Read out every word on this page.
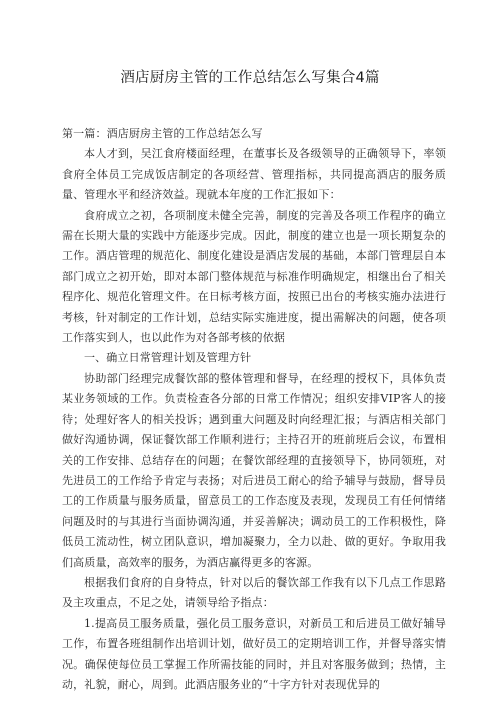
酒店厨房主管的工作总结怎么写集合4篇

第一篇：酒店厨房主管的工作总结怎么写

本人才到，吴江食府楼面经理，在董事长及各级领导的正确领导下，率领食府全体员工完成饭店制定的各项经营、管理指标，共同提高酒店的服务质量、管理水平和经济效益。现就本年度的工作汇报如下：

食府成立之初，各项制度未健全完善，制度的完善及各项工作程序的确立需在长期大量的实践中方能逐步完成。因此，制度的建立也是一项长期复杂的工作。酒店管理的规范化、制度化建设是酒店发展的基础，本部门管理层自本部门成立之初开始，即对本部门整体规范与标准作明确规定，相继出台了相关程序化、规范化管理文件。在日标考核方面，按照已出台的考核实施办法进行考核，针对制定的工作计划，总结实际实施进度，提出需解决的问题，使各项工作落实到人，也以此作为对各部考核的依据

一、确立日常管理计划及管理方针

协助部门经理完成餐饮部的整体管理和督导，在经理的授权下，具体负责某业务领域的工作。负责检查各分部的日常工作情况；组织安排VIP客人的接待；处理好客人的相关投诉；遇到重大问题及时向经理汇报；与酒店相关部门做好沟通协调，保证餐饮部工作顺利进行；主持召开的班前班后会议，布置相关的工作安排、总结存在的问题；在餐饮部经理的直接领导下，协同领班，对先进员工的工作给予肯定与表扬；对后进员工耐心的给予辅导与鼓励，督导员工的工作质量与服务质量，留意员工的工作态度及表现，发现员工有任何情绪问题及时的与其进行当面协调沟通，并妥善解决；调动员工的工作积极性，降低员工流动性，树立团队意识，增加凝聚力，全力以赴、做的更好。争取用我们高质量，高效率的服务，为酒店赢得更多的客源。

根据我们食府的自身特点，针对以后的餐饮部工作我有以下几点工作思路及主攻重点，不足之处，请领导给予指点：

1.提高员工服务质量，强化员工服务意识，对新员工和后进员工做好辅导工作，布置各班组制作出培训计划，做好员工的定期培训工作，并督导落实情况。确保使每位员工掌握工作所需技能的同时，并且对客服务做到；热情，主动，礼貌，耐心，周到。此酒店服务业的“十字方针对表现优异的
